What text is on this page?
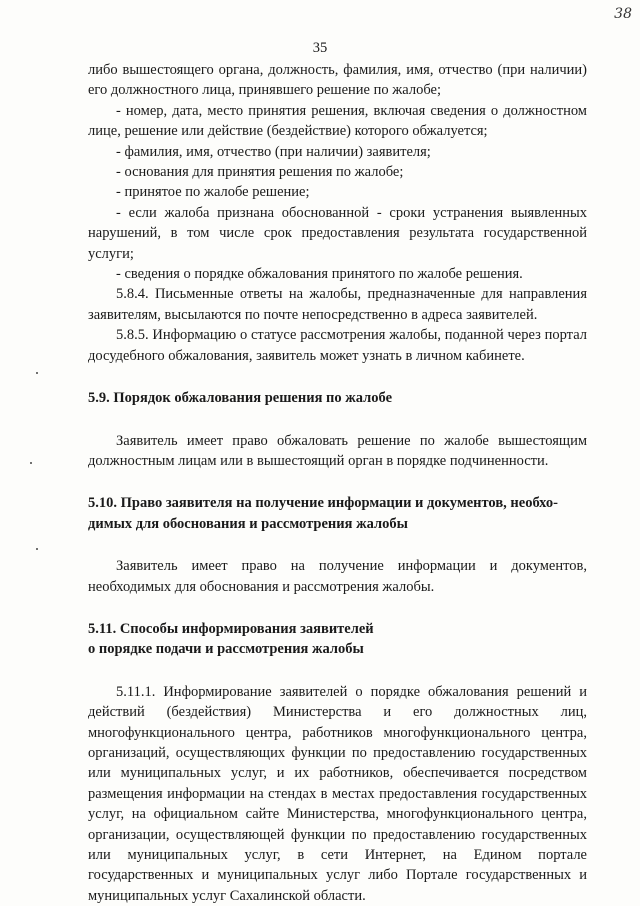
38
35

либо вышестоящего органа, должность, фамилия, имя, отчество (при наличии) его должностного лица, принявшего решение по жалобе;

- номер, дата, место принятия решения, включая сведения о должностном лице, решение или действие (бездействие) которого обжалуется;

- фамилия, имя, отчество (при наличии) заявителя;

- основания для принятия решения по жалобе;

- принятое по жалобе решение;

- если жалоба признана обоснованной - сроки устранения выявленных нарушений, в том числе срок предоставления результата государственной услуги;

- сведения о порядке обжалования принятого по жалобе решения.

5.8.4. Письменные ответы на жалобы, предназначенные для направления заявителям, высылаются по почте непосредственно в адреса заявителей.

5.8.5. Информацию о статусе рассмотрения жалобы, поданной через портал досудебного обжалования, заявитель может узнать в личном кабинете.

5.9. Порядок обжалования решения по жалобе

Заявитель имеет право обжаловать решение по жалобе вышестоящим должностным лицам или в вышестоящий орган в порядке подчиненности.

5.10. Право заявителя на получение информации и документов, необхо-

димых для обоснования и рассмотрения жалобы

Заявитель имеет право на получение информации и документов, необходимых для обоснования и рассмотрения жалобы.

5.11. Способы информирования заявителей

о порядке подачи и рассмотрения жалобы

5.11.1. Информирование заявителей о порядке обжалования решений и действий (бездействия) Министерства и его должностных лиц, многофункционального центра, работников многофункционального центра, организаций, осуществляющих функции по предоставлению государственных или муниципальных услуг, и их работников, обеспечивается посредством размещения информации на стендах в местах предоставления государственных услуг, на официальном сайте Министерства, многофункционального центра, организации, осуществляющей функции по предоставлению государственных или муниципальных услуг, в сети Интернет, на Едином портале государственных и муниципальных услуг либо Портале государственных и муниципальных услуг Сахалинской области.
